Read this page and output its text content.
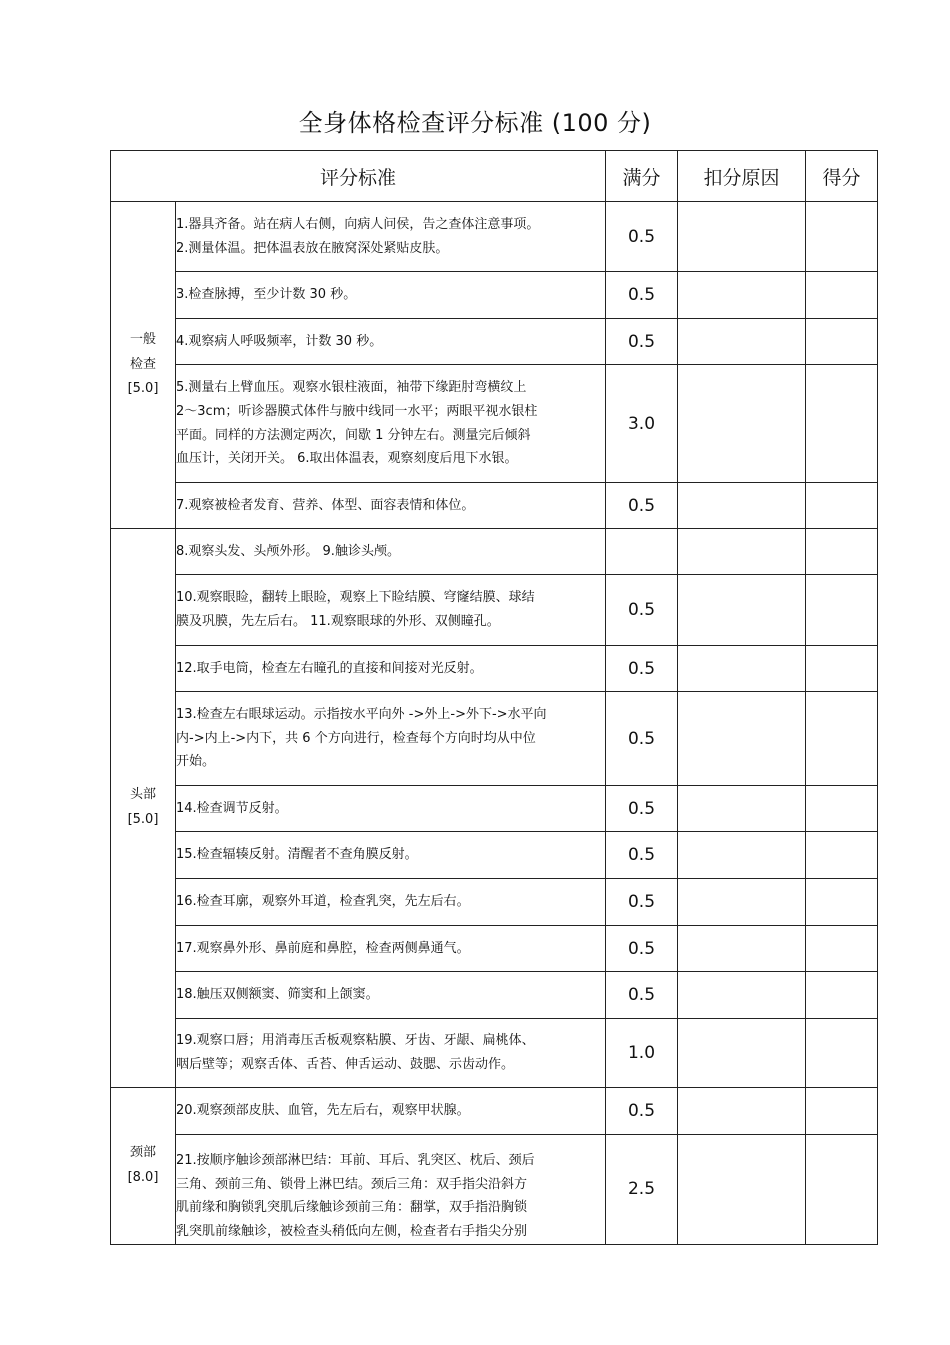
全身体格检查评分标准 (100 分)
评分标准		满分	扣分原因	得分
一般
检查
[5.0]	1.器具齐备。站在病人右侧，向病人问侯，告之查体注意事项。
2.测量体温。把体温表放在腋窝深处紧贴皮肤。	0.5		

	3.检查脉搏，至少计数 30 秒。	0.5		

	4.观察病人呼吸频率，计数 30 秒。	0.5		

	5.测量右上臂血压。观察水银柱液面，袖带下缘距肘弯横纹上
2～3cm；听诊器膜式体件与腋中线同一水平；两眼平视水银柱
平面。同样的方法测定两次，间歇 1 分钟左右。测量完后倾斜
血压计，关闭开关。 6.取出体温表，观察刻度后甩下水银。	3.0		

	7.观察被检者发育、营养、体型、面容表情和体位。	0.5		
头部
[5.0]	8.观察头发、头颅外形。 9.触诊头颅。			

	10.观察眼睑，翻转上眼睑，观察上下睑结膜、穹窿结膜、球结
膜及巩膜，先左后右。 11.观察眼球的外形、双侧瞳孔。	0.5		

	12.取手电筒，检查左右瞳孔的直接和间接对光反射。	0.5		

	13.检查左右眼球运动。示指按水平向外 ->外上->外下->水平向
内->内上->内下，共 6 个方向进行，检查每个方向时均从中位
开始。	0.5		

	14.检查调节反射。	0.5		

	15.检查辐辏反射。清醒者不查角膜反射。	0.5		

	16.检查耳廓，观察外耳道，检查乳突，先左后右。	0.5		

	17.观察鼻外形、鼻前庭和鼻腔，检查两侧鼻通气。	0.5		

	18.触压双侧额窦、筛窦和上颌窦。	0.5		

	19.观察口唇；用消毒压舌板观察粘膜、牙齿、牙龈、扁桃体、
咽后壁等；观察舌体、舌苔、伸舌运动、鼓腮、示齿动作。	1.0		
颈部
[8.0]	20.观察颈部皮肤、血管，先左后右，观察甲状腺。	0.5		

	21.按顺序触诊颈部淋巴结：耳前、耳后、乳突区、枕后、颈后
三角、颈前三角、锁骨上淋巴结。颈后三角：双手指尖沿斜方
肌前缘和胸锁乳突肌后缘触诊颈前三角：翻掌，双手指沿胸锁
乳突肌前缘触诊，被检查头稍低向左侧，检查者右手指尖分别	2.5		
